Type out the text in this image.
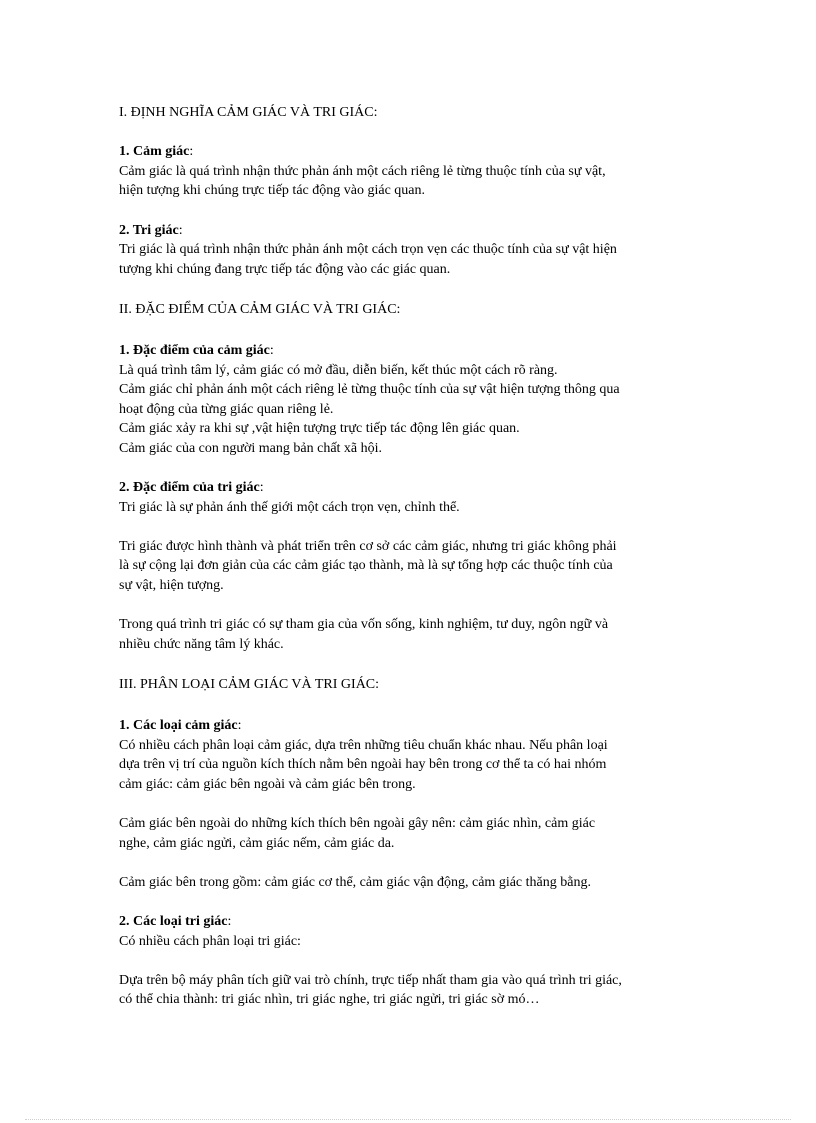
I. ĐỊNH NGHĨA CẢM GIÁC VÀ TRI GIÁC:

1. Cảm giác:

Cảm giác là quá trình nhận thức phản ánh một cách riêng lẻ từng thuộc tính của sự vật,

hiện tượng khi chúng trực tiếp tác động vào giác quan.

2. Tri giác:

Tri giác là quá trình nhận thức phản ánh một cách trọn vẹn các thuộc tính của sự vật hiện

tượng khi chúng đang trực tiếp tác động vào các giác quan.

II. ĐẶC ĐIỂM CỦA CẢM GIÁC VÀ TRI GIÁC:

1. Đặc điểm của cảm giác:

Là quá trình tâm lý, cảm giác có mở đầu, diễn biến, kết thúc một cách rõ ràng.

Cảm giác chỉ phản ánh một cách riêng lẻ từng thuộc tính của sự vật hiện tượng thông qua

hoạt động của từng giác quan riêng lẻ.

Cảm giác xảy ra khi sự ,vật hiện tượng trực tiếp tác động lên giác quan.

Cảm giác của con người mang bản chất xã hội.

2. Đặc điểm của tri giác:

Tri giác là sự phản ánh thế giới một cách trọn vẹn, chỉnh thể.

Tri giác được hình thành và phát triển trên cơ sở các cảm giác, nhưng tri giác không phải

là sự cộng lại đơn giản của các cảm giác tạo thành, mà là sự tổng hợp các thuộc tính của

sự vật, hiện tượng.

Trong quá trình tri giác có sự tham gia của vốn sống, kinh nghiệm, tư duy, ngôn ngữ và

nhiều chức năng tâm lý khác.

III. PHÂN LOẠI CẢM GIÁC VÀ TRI GIÁC:

1. Các loại cảm giác:

Có nhiều cách phân loại cảm giác, dựa trên những tiêu chuẩn khác nhau. Nếu phân loại

dựa trên vị trí của nguồn kích thích nằm bên ngoài hay bên trong cơ thể ta có hai nhóm

cảm giác: cảm giác bên ngoài và cảm giác bên trong.

Cảm giác bên ngoài do những kích thích bên ngoài gây nên: cảm giác nhìn, cảm giác

nghe, cảm giác ngửi, cảm giác nếm, cảm giác da.

Cảm giác bên trong gồm: cảm giác cơ thể, cảm giác vận động, cảm giác thăng bằng.

2. Các loại tri giác:

Có nhiều cách phân loại tri giác:

Dựa trên bộ máy phân tích giữ vai trò chính, trực tiếp nhất tham gia vào quá trình tri giác,

có thể chia thành: tri giác nhìn, tri giác nghe, tri giác ngửi, tri giác sờ mó…
